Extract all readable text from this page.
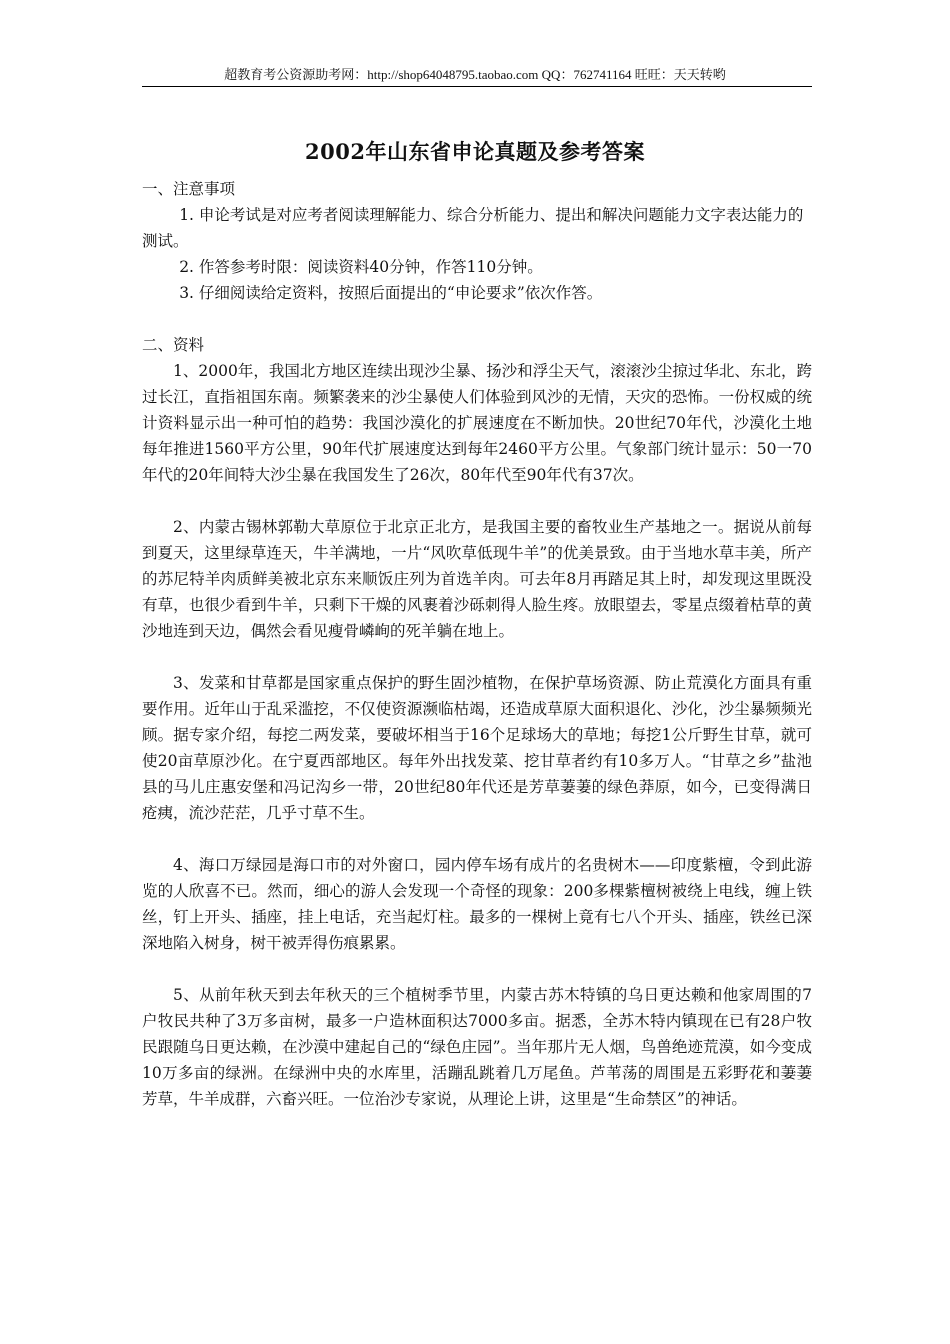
超教育考公资源助考网：http://shop64048795.taobao.com QQ：762741164 旺旺：天天转哟
2002年山东省申论真题及参考答案
一、注意事项
1. 申论考试是对应考者阅读理解能力、综合分析能力、提出和解决问题能力文字表达能力的测试。
2. 作答参考时限：阅读资料40分钟，作答110分钟。
3. 仔细阅读给定资料，按照后面提出的“申论要求”依次作答。
二、资料
1、2000年，我国北方地区连续出现沙尘暴、扬沙和浮尘天气，滚滚沙尘掠过华北、东北，跨过长江，直指祖国东南。频繁袭来的沙尘暴使人们体验到风沙的无情，天灾的恐怖。一份权威的统计资料显示出一种可怕的趋势：我国沙漠化的扩展速度在不断加快。20世纪70年代，沙漠化土地每年推进1560平方公里，90年代扩展速度达到每年2460平方公里。气象部门统计显示：50一70年代的20年间特大沙尘暴在我国发生了26次，80年代至90年代有37次。
2、内蒙古锡林郭勒大草原位于北京正北方，是我国主要的畜牧业生产基地之一。据说从前每到夏天，这里绿草连天，牛羊满地，一片“风吹草低现牛羊”的优美景致。由于当地水草丰美，所产的苏尼特羊肉质鲜美被北京东来顺饭庄列为首选羊肉。可去年8月再踏足其上时，却发现这里既没有草，也很少看到牛羊，只剩下干燥的风裹着沙砾刺得人脸生疼。放眼望去，零星点缀着枯草的黄沙地连到天边，偶然会看见瘦骨嶙峋的死羊躺在地上。
3、发菜和甘草都是国家重点保护的野生固沙植物，在保护草场资源、防止荒漠化方面具有重要作用。近年山于乱采滥挖，不仅使资源濒临枯竭，还造成草原大面积退化、沙化，沙尘暴频频光顾。据专家介绍，每挖二两发菜，要破坏相当于16个足球场大的草地；每挖1公斤野生甘草，就可使20亩草原沙化。在宁夏西部地区。每年外出找发菜、挖甘草者约有10多万人。“甘草之乡”盐池县的马儿庄惠安堡和冯记沟乡一带，20世纪80年代还是芳草萋萋的绿色莽原，如今，已变得满日疮痍，流沙茫茫，几乎寸草不生。
4、海口万绿园是海口市的对外窗口，园内停车场有成片的名贵树木——印度紫檀，令到此游览的人欣喜不已。然而，细心的游人会发现一个奇怪的现象：200多棵紫檀树被绕上电线，缠上铁丝，钉上开头、插座，挂上电话，充当起灯柱。最多的一棵树上竟有七八个开头、插座，铁丝已深深地陷入树身，树干被弄得伤痕累累。
5、从前年秋天到去年秋天的三个植树季节里，内蒙古苏木特镇的乌日更达赖和他家周围的7户牧民共种了3万多亩树，最多一户造林面积达7000多亩。据悉，全苏木特内镇现在已有28户牧民跟随乌日更达赖，在沙漠中建起自己的“绿色庄园”。当年那片无人烟，鸟兽绝迹荒漠，如今变成10万多亩的绿洲。在绿洲中央的水库里，活蹦乱跳着几万尾鱼。芦苇荡的周围是五彩野花和萋萋芳草，牛羊成群，六畜兴旺。一位治沙专家说，从理论上讲，这里是“生命禁区”的神话。
